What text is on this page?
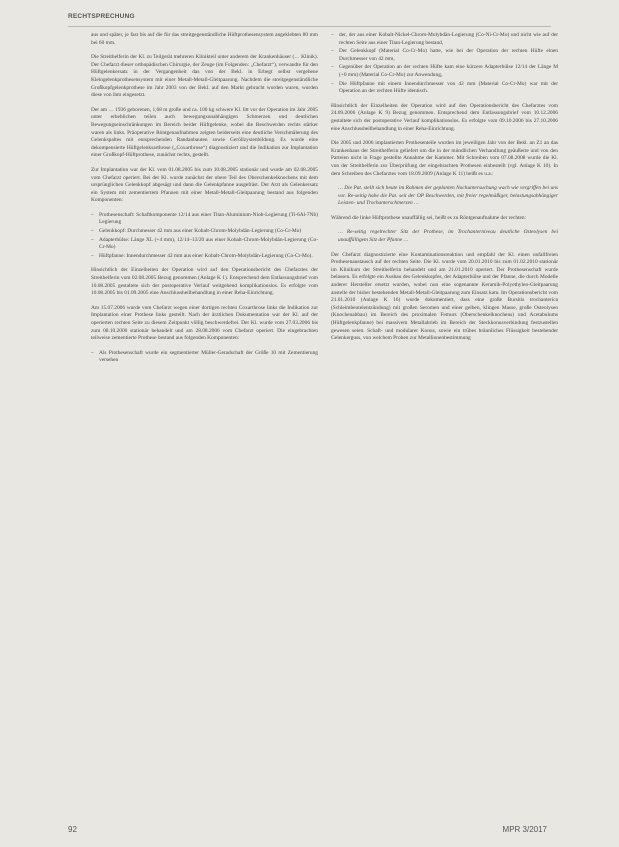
RECHTSPRECHUNG

aus und später, je fast bis auf die für das streitgegenständliche Hüftprothesensystem angeklebten 80 mm bei 60 mm.

Die Streithelferin der Kl. zu Teilgerät mehreren Klinikteil unter anderem der Krankenhäuser (… Klinik). Der Chefarzt dieser orthopädischen Chirurgie, der Zeuge (im Folgenden: „Chefarzt“), verwandte für den Hüftgelenkersatz in der Vergangenheit das von der Bekl. in Erbegt selbst vergebene Kleingelenkprothesensystem mit einer Metall-Metall-Gleitpaarung. Nachdem die streitgegenständliche Großkopfgelenkprothese im Jahr 2003 von der Bekl. auf den Markt gebracht worden waren, wurden diese von ihm eingesetzt.

Der am … 1936 geborenen, 1,68 m große und ca. 100 kg schwere Kl. litt vor der Operation im Jahr 2005 unter erheblichen teilen auch bewegungsunabhängigen Schmerzen und deutlichen Bewegungseinschränkungen im Bereich beider Hüftgelenke, wobei die Beschwerden rechts stärker waren als links. Präoperative Röntgenaufnahmen zeigten beiderseits eine deutliche Verschmälerung des Gelenkspaltes mit entsprechenden Randanbauten sowie Geröllzystenbildung. Es wurde eine dekompensierte Hüftgelenksarthrose („Coxarthrose“) diagnostiziert und die Indikation zur Implantation einer Großkopf-Hüftprothese, zunächst rechts, gestellt.

Zur Implantation war der Kl. vom 01.08.2005 bis zum 10.08.2005 stationär und wurde am 02.08.2005 vom Chefarzt operiert. Bei der Kl. wurde zunächst der obere Teil des Oberschenkelknochens mit dem ursprünglichen Gelenkkopf abgesägt und dann die Gelenkpfanne ausgefräst. Der Arzt als Gelenkersatz ein System mit zementiertem Pfannen mit einer Metall-Metall-Gleitpaarung bestand aus folgenden Komponenten:

– Prothesenschaft: Schaftkomponente 12/14 aus einer Titan-Aluminium-Niob-Legierung (Ti-6Al-7Nb) Legierung
– Gelenkkopf: Durchmesser 42 mm aus einer Kobalt-Chrom-Molybdän-Legierung (Co-Cr-Mo)
– Adapterhülse: Länge XL (+4 mm), 12/14–13/20 aus einer Kobalt-Chrom-Molybdän-Legierung (Co-Cr-Mo)
– Hüftpfanne: Innendurchmesser 42 mm aus einer Kobalt-Chrom-Molybdän-Legierung (Co-Cr-Mo).

Hinsichtlich der Einzelheiten der Operation wird auf den Operationsbericht des Chefarztes der Streithelferin vom 02.08.2005 Bezug genommen (Anlage K 1). Entsprechend dem Entlassungsbrief vom 10.08.2005 gestaltete sich der postoperative Verlauf weitgehend komplikationslos. Es erfolgte vom 10.08.2005 bis 01.09.2005 eine Anschlussheilbehandlung in einer Reha-Einrichtung.

Am 15.07.2006 wurde vom Chefarzt wegen einer dortigen rechten Coxarthrose links die Indikation zur Implantation einer Prothese links gestellt. Nach der ärztlichen Dokumentation war der Kl. auf der operierten rechten Seite zu diesem Zeitpunkt völlig beschwerdefrei. Der Kl. wurde vom 27.03.2006 bis zum 08.10.2006 stationär behandelt und am 28.08.2006 vom Chefarzt operiert. Die eingebrachten teilweise zementierte Prothese bestand aus folgenden Komponenten:

– Als Prothesenschaft wurde ein segmentierter Müller-Geradschaft der Größe 10 mit Zementierung versehen
– der, der aus einer Kobalt-Nickel-Chrom-Molybdän-Legierung (Co-Ni-Cr-Mo) und nicht wie auf der rechten Seite aus einer Titan-Legierung bestand,
– Der Gelenkkopf (Material Co-Cr-Mo) hatte, wie bei der Operation der rechten Hüfte einen Durchmesser von 42 mm,
– Gegenüber der Operation an der rechten Hüfte kam eine kürzere Adapterhülse 12/14 der Länge M (+0 mm) (Material Co-Cr-Mo) zur Anwendung,
– Die Hüftpfanne mit einem Innendurchmesser von 42 mm (Material Co-Cr-Mo) war mit der Operation an der rechten Hüfte identisch.

Hinsichtlich der Einzelheiten der Operation wird auf den Operationsbericht des Chefarztes vom 24.09.2006 (Anlage K 9) Bezug genommen. Entsprechend dem Entlassungsbrief vom 10.12.2006 gestaltete sich der postoperative Verlauf komplikationslos. Es erfolgte vom 09.10.2006 bis 27.10.2006 eine Anschlussheilbehandlung in einer Reha-Einrichtung.

Die 2005 und 2006 implantierten Prothesenteile wurden im jeweiligen Jahr von der Bekl. an Z1 an das Krankenhaus der Streithelferin geliefert um die in der mündlichen Verhandlung geäußerte und von den Parteien nicht in Frage gestellte Annahme der Kammer. Mit Schreiben vom 07.08.2008 wurde die Kl. von der Streithelferin zur Überprüfung der eingebrachten Prothesen einbestellt (vgl. Anlage K 10). In dem Schreiben des Chefarztes vom 18.09.2009 (Anlage K 11) heißt es u.a.:

… Die Pat. stellt sich heute im Rahmen der geplanten Nachuntersuchung wach wie vergriffen bei uns vor. Re-seitig habe die Pat. seit der OP Beschwerden, mit freier regelmäßiger, belastungsabhängiger Leisten- und Trochanterschmerzen …

Während die linke Hüftprothese unauffällig sei, heißt es zu Röntgenaufnahme der rechten:

… Re-seitig regelrechter Sitz der Prothese, im Trochanterniveau deutliche Osteolysen bei unauffälligem Sitz der Pfanne …

Der Chefarzt diagnostizierte eine Kontaminationsreaktion und empfahl der Kl. einen unfallfreien Prothesenaustausch auf der rechten Seite. Die Kl. wurde vom 20.01.2010 bis zum 01.02.2010 stationär im Klinikum der Streithelferin behandelt und am 21.01.2010 operiert. Der Prothesenschaft wurde belassen. Es erfolgte ein Ausbau des Gelenkkopfes, der Adapterhülse und der Pfanne, die durch Modelle anderer Hersteller ersetzt wurden, wobei nun eine sogenannte Keramik-Polyethylen-Gleitpaarung anstelle der bisher bestehenden Metall-Metall-Gleitpaarung zum Einsatz kam. Im Operationsbericht vom 21.01.2010 (Anlage K 16) wurde dokumentiert, dass eine große Bursitis trochanterica (Schleimbeutelentzündung) mit großen Seromen und einer gelben, klingen Masse, große Osteolysen (Knochenabbau) im Bereich des proximalen Femurs (Oberschenkelknochens) und Acetabulums (Hüftgelenkpfanne) bei massivem Metallabrieb im Bereich der Steckkonusverbindung festzustellen gewesen seien. Schaft- und modularer Konus, sowie ein trübes bräunliches Flüssigkeit bestehender Gelenkerguss, von welchem Proben zur Metallionenbestimmung

92	MPR 3/2017
